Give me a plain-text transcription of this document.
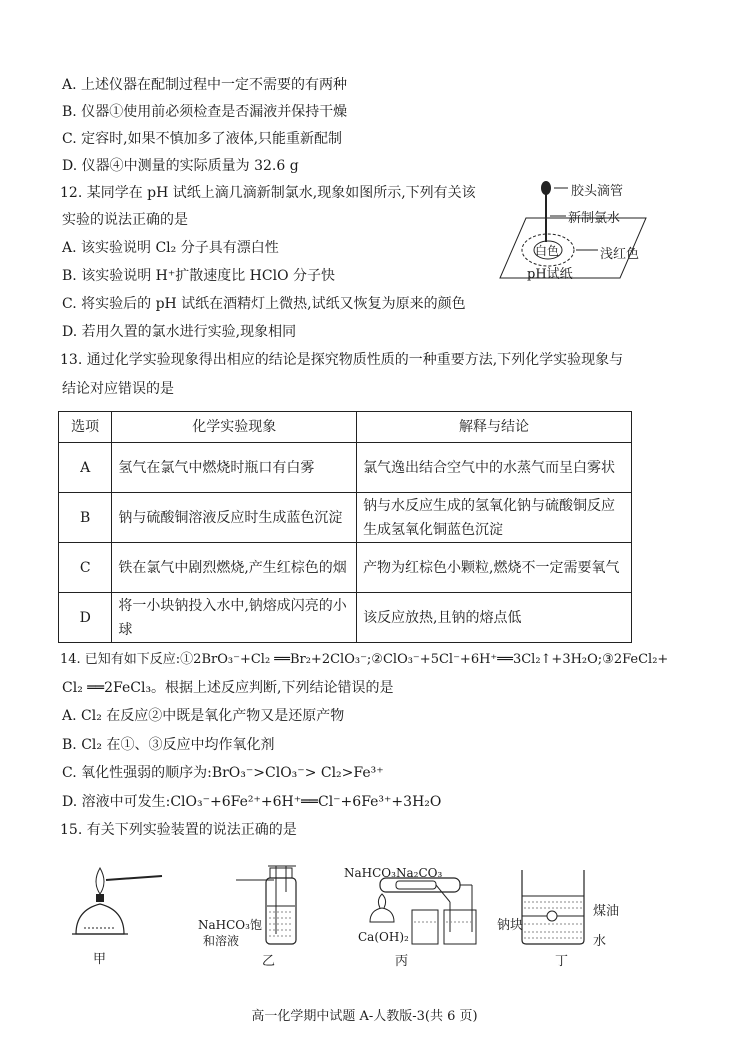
A. 上述仪器在配制过程中一定不需要的有两种
B. 仪器①使用前必须检查是否漏液并保持干燥
C. 定容时,如果不慎加多了液体,只能重新配制
D. 仪器④中测量的实际质量为 32.6 g
12. 某同学在 pH 试纸上滴几滴新制氯水,现象如图所示,下列有关该
实验的说法正确的是
A. 该实验说明 Cl₂ 分子具有漂白性
B. 该实验说明 H⁺扩散速度比 HClO 分子快
C. 将实验后的 pH 试纸在酒精灯上微热,试纸又恢复为原来的颜色
D. 若用久置的氯水进行实验,现象相同
胶头滴管
新制氯水
白色	浅红色
pH试纸
13. 通过化学实验现象得出相应的结论是探究物质性质的一种重要方法,下列化学实验现象与
结论对应错误的是
选项	化学实验现象	解释与结论
A	氢气在氯气中燃烧时瓶口有白雾	氯气逸出结合空气中的水蒸气而呈白雾状
B	钠与硫酸铜溶液反应时生成蓝色沉淀	钠与水反应生成的氢氧化钠与硫酸铜反应生成氢氧化铜蓝色沉淀
C	铁在氯气中剧烈燃烧,产生红棕色的烟	产物为红棕色小颗粒,燃烧不一定需要氧气
D	将一小块钠投入水中,钠熔成闪亮的小球	该反应放热,且钠的熔点低
14. 已知有如下反应:①2BrO₃⁻+Cl₂ ══Br₂+2ClO₃⁻;②ClO₃⁻+5Cl⁻+6H⁺══3Cl₂↑+3H₂O;③2FeCl₂+
Cl₂ ══2FeCl₃。根据上述反应判断,下列结论错误的是
A. Cl₂ 在反应②中既是氧化产物又是还原产物
B. Cl₂ 在①、③反应中均作氧化剂
C. 氧化性强弱的顺序为:BrO₃⁻>ClO₃⁻> Cl₂>Fe³⁺
D. 溶液中可发生:ClO₃⁻+6Fe²⁺+6H⁺══Cl⁻+6Fe³⁺+3H₂O
15. 有关下列实验装置的说法正确的是
甲
NaHCO₃饱
和溶液
乙
NaHCO₃ Na₂CO₃
Ca(OH)₂
丙
煤油
水
钠块
丁
高一化学期中试题 A-人教版-3(共 6 页)
